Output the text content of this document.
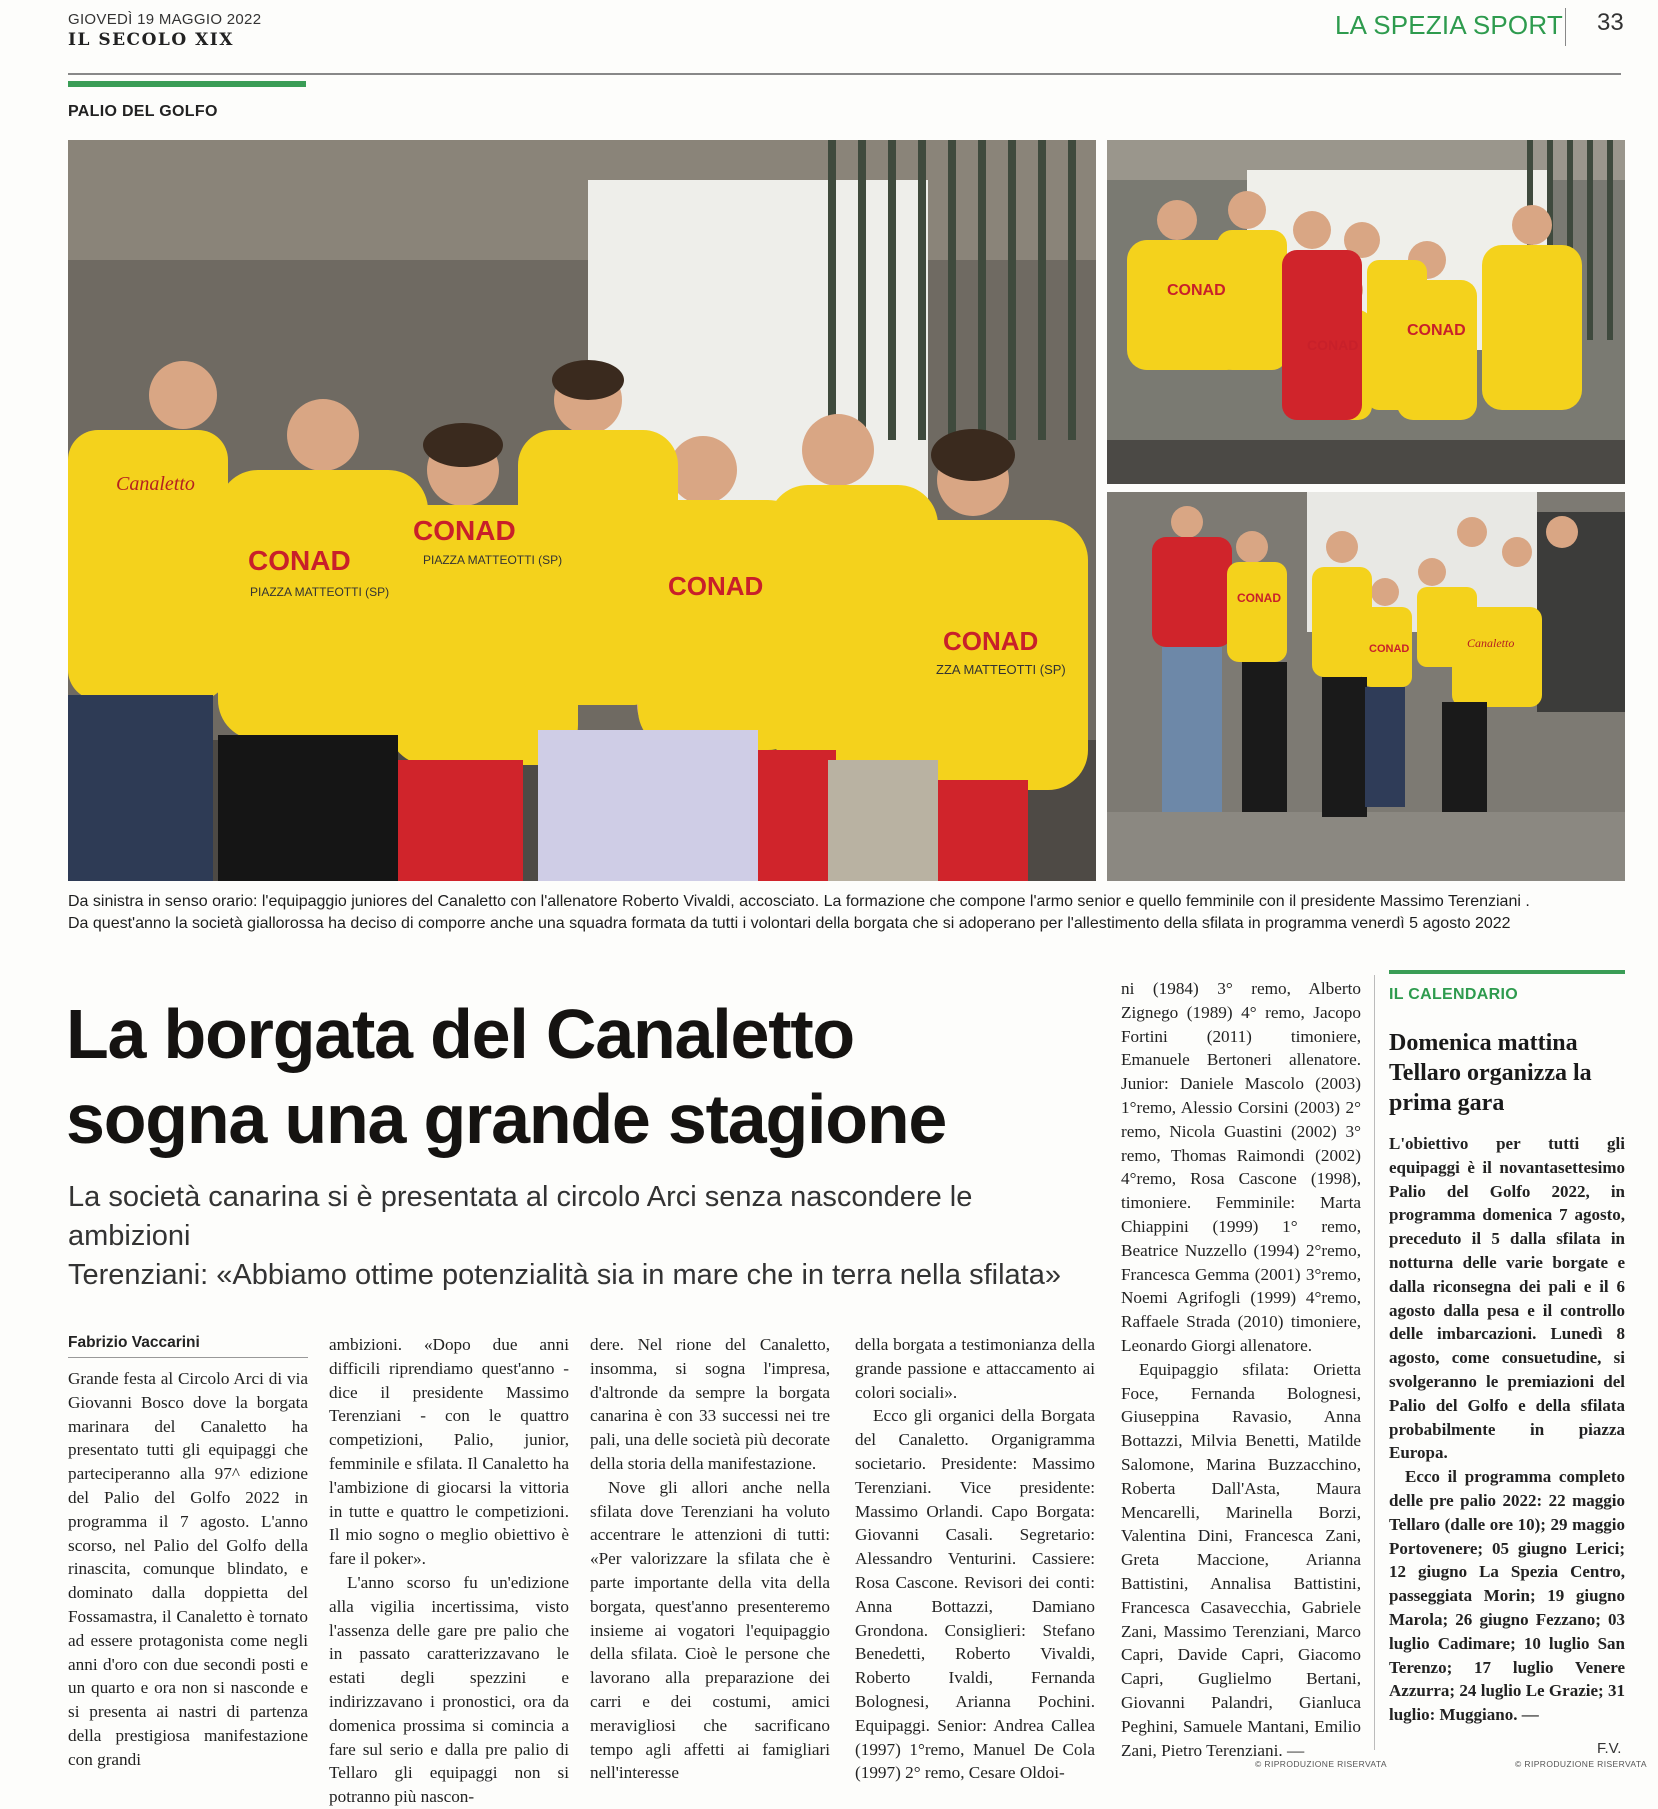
GIOVEDÌ 19 MAGGIO 2022
IL SECOLO XIX	LA SPEZIA SPORT 33
PALIO DEL GOLFO
Canaletto
CONAD
CONAD
CONAD
CONAD
PIAZZA MATTEOTTI (SP)
PIAZZA MATTEOTTI (SP)
ZZA MATTEOTTI (SP)
CONAD
CONAD
CONAD
CONAD
CONAD	Canaletto
Da sinistra in senso orario: l'equipaggio juniores del Canaletto con l'allenatore Roberto Vivaldi, accosciato. La formazione che compone l'armo senior e quello femminile con il presidente Massimo Terenziani .
Da quest'anno la società giallorossa ha deciso di comporre anche una squadra formata da tutti i volontari della borgata che si adoperano per l'allestimento della sfilata in programma venerdì 5 agosto 2022
La borgata del Canaletto
sogna una grande stagione
La società canarina si è presentata al circolo Arci senza nascondere le ambizioni
Terenziani: «Abbiamo ottime potenzialità sia in mare che in terra nella sfilata»
Fabrizio Vaccarini

Grande festa al Circolo Arci di via Giovanni Bosco dove la borgata marinara del Canaletto ha presentato tutti gli equipaggi che parteciperanno alla 97^ edizione del Palio del Golfo 2022 in programma il 7 agosto. L'anno scorso, nel Palio del Golfo della rinascita, comunque blindato, e dominato dalla doppietta del Fossamastra, il Canaletto è tornato ad essere protagonista come negli anni d'oro con due secondi posti e un quarto e ora non si nasconde e si presenta ai nastri di partenza della prestigiosa manifestazione con grandi

ambizioni. «Dopo due anni difficili riprendiamo quest'anno - dice il presidente Massimo Terenziani - con le quattro competizioni, Palio, junior, femminile e sfilata. Il Canaletto ha l'ambizione di giocarsi la vittoria in tutte e quattro le competizioni. Il mio sogno o meglio obiettivo è fare il poker».

L'anno scorso fu un'edizione alla vigilia incertissima, visto l'assenza delle gare pre palio che in passato caratterizzavano le estati degli spezzini e indirizzavano i pronostici, ora da domenica prossima si comincia a fare sul serio e dalla pre palio di Tellaro gli equipaggi non si potranno più nascon-

dere. Nel rione del Canaletto, insomma, si sogna l'impresa, d'altronde da sempre la borgata canarina è con 33 successi nei tre pali, una delle società più decorate della storia della manifestazione.

Nove gli allori anche nella sfilata dove Terenziani ha voluto accentrare le attenzioni di tutti: «Per valorizzare la sfilata che è parte importante della vita della borgata, quest'anno presenteremo insieme ai vogatori l'equipaggio della sfilata. Cioè le persone che lavorano alla preparazione dei carri e dei costumi, amici meravigliosi che sacrificano tempo agli affetti ai famigliari nell'interesse

della borgata a testimonianza della grande passione e attaccamento ai colori sociali».

Ecco gli organici della Borgata del Canaletto. Organigramma societario. Presidente: Massimo Terenziani. Vice presidente: Massimo Orlandi. Capo Borgata: Giovanni Casali. Segretario: Alessandro Venturini. Cassiere: Rosa Cascone. Revisori dei conti: Anna Bottazzi, Damiano Grondona. Consiglieri: Stefano Benedetti, Roberto Vivaldi, Roberto Ivaldi, Fernanda Bolognesi, Arianna Pochini. Equipaggi. Senior: Andrea Callea (1997) 1°remo, Manuel De Cola (1997) 2° remo, Cesare Oldoi-

ni (1984) 3° remo, Alberto Zignego (1989) 4° remo, Jacopo Fortini (2011) timoniere, Emanuele Bertoneri allenatore. Junior: Daniele Mascolo (2003) 1°remo, Alessio Corsini (2003) 2° remo, Nicola Guastini (2002) 3° remo, Thomas Raimondi (2002) 4°remo, Rosa Cascone (1998), timoniere. Femminile: Marta Chiappini (1999) 1° remo, Beatrice Nuzzello (1994) 2°remo, Francesca Gemma (2001) 3°remo, Noemi Agrifogli (1999) 4°remo, Raffaele Strada (2010) timoniere, Leonardo Giorgi allenatore.

Equipaggio sfilata: Orietta Foce, Fernanda Bolognesi, Giuseppina Ravasio, Anna Bottazzi, Milvia Benetti, Matilde Salomone, Marina Buzzacchino, Roberta Dall'Asta, Maura Mencarelli, Marinella Borzi, Valentina Dini, Francesca Zani, Greta Maccione, Arianna Battistini, Annalisa Battistini, Francesca Casavecchia, Gabriele Zani, Massimo Terenziani, Marco Capri, Davide Capri, Giacomo Capri, Guglielmo Bertani, Giovanni Palandri, Gianluca Peghini, Samuele Mantani, Emilio Zani, Pietro Terenziani. —

© RIPRODUZIONE RISERVATA
IL CALENDARIO
Domenica mattina Tellaro organizza la prima gara

L'obiettivo per tutti gli equipaggi è il novantasettesimo Palio del Golfo 2022, in programma domenica 7 agosto, preceduto il 5 dalla sfilata in notturna delle varie borgate e dalla riconsegna dei pali e il 6 agosto dalla pesa e il controllo delle imbarcazioni. Lunedì 8 agosto, come consuetudine, si svolgeranno le premiazioni del Palio del Golfo e della sfilata probabilmente in piazza Europa.

Ecco il programma completo delle pre palio 2022: 22 maggio Tellaro (dalle ore 10); 29 maggio Portovenere; 05 giugno Lerici; 12 giugno La Spezia Centro, passeggiata Morin; 19 giugno Marola; 26 giugno Fezzano; 03 luglio Cadimare; 10 luglio San Terenzo; 17 luglio Venere Azzurra; 24 luglio Le Grazie; 31 luglio: Muggiano. —

F.V.
© RIPRODUZIONE RISERVATA
